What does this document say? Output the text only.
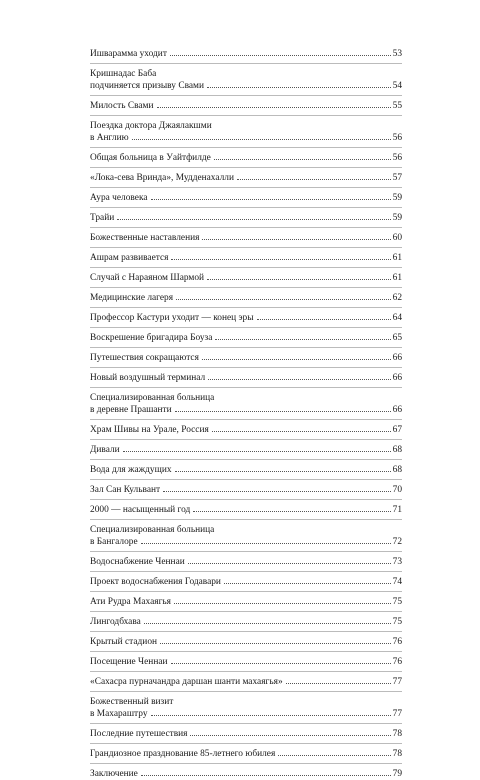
Ишварамма уходит	53
Кришнадас Баба
подчиняется призыву Свами	54
Милость Свами	55
Поездка доктора Джаялакшми
в Англию	56
Общая больница в Уайтфилде	56
«Лока-сева Вринда», Мудденахалли	57
Аура человека	59
Трайи	59
Божественные наставления	60
Ашрам развивается	61
Случай с Нараяном Шармой	61
Медицинские лагеря	62
Профессор Кастури уходит — конец эры	64
Воскрешение бригадира Боуза	65
Путешествия сокращаются	66
Новый воздушный терминал	66
Специализированная больница
в деревне Прашанти	66
Храм Шивы на Урале, Россия	67
Дивали	68
Вода для жаждущих	68
Зал Сан Кульвант	70
2000 — насыщенный год	71
Специализированная больница
в Бангалоре	72
Водоснабжение Ченнаи	73
Проект водоснабжения Годавари	74
Ати Рудра Махаягья	75
Лингодбхава	75
Крытый стадион	76
Посещение Ченнаи	76
«Сахасра пурначандра даршан шанти махаягья»	77
Божественный визит
в Махараштру	77
Последние путешествия	78
Грандиозное празднование 85-летнего юбилея	78
Заключение	79
